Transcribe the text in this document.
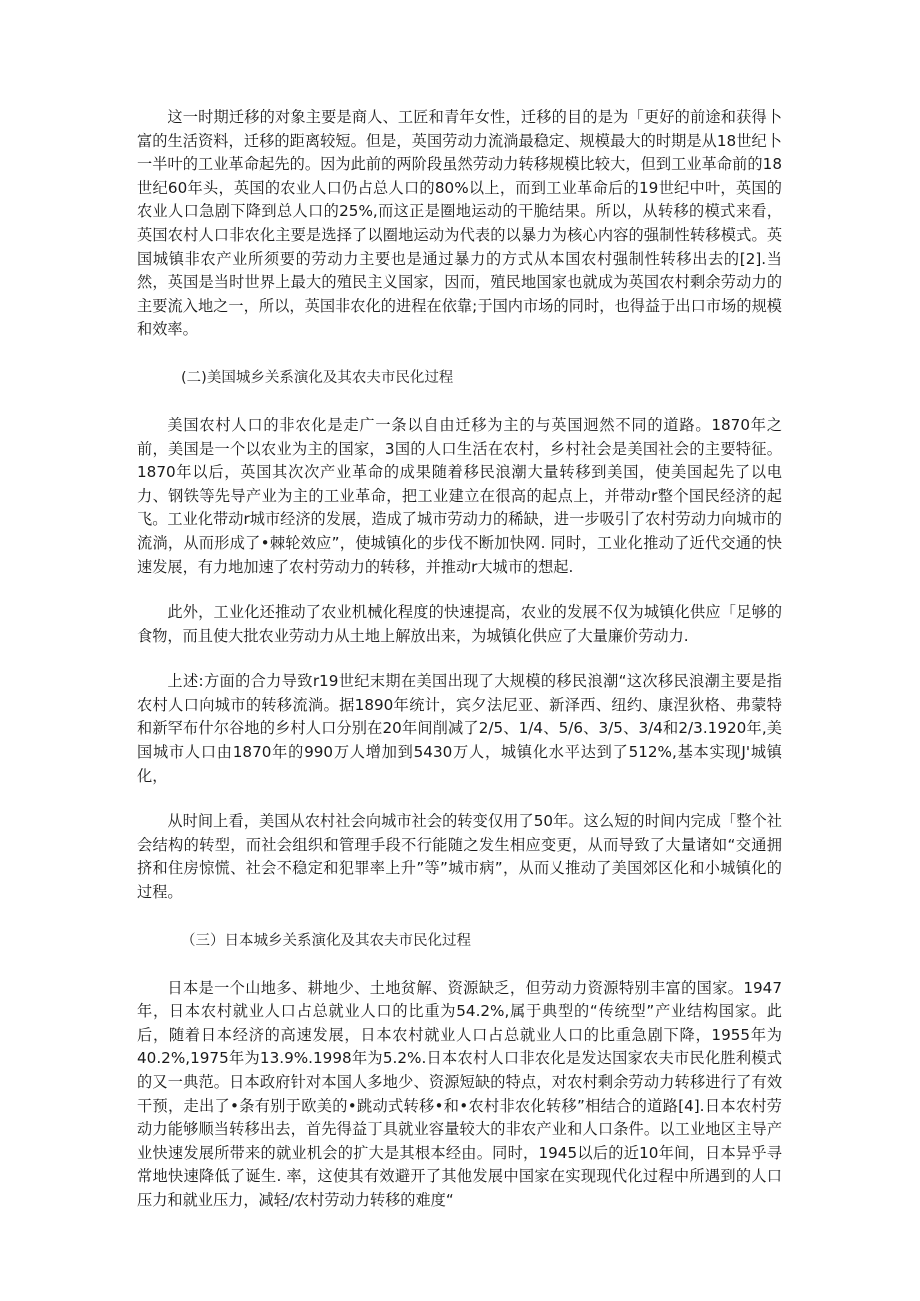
这一时期迁移的对象主要是商人、工匠和青年女性，迁移的目的是为「更好的前途和获得卜富的生活资料，迁移的距离较短。但是，英国劳动力流淌最稳定、规模最大的时期是从18世纪卜一半叶的工业革命起先的。因为此前的两阶段虽然劳动力转移规模比较大，但到工业革命前的18世纪60年头，英国的农业人口仍占总人口的80%以上，而到工业革命后的19世纪中叶，英国的农业人口急剧下降到总人口的25%,而这正是圈地运动的干脆结果。所以，从转移的模式来看，英国农村人口非农化主要是选择了以圈地运动为代表的以暴力为核心内容的强制性转移模式。英国城镇非农产业所须要的劳动力主要也是通过暴力的方式从本国农村强制性转移出去的[2].当然，英国是当时世界上最大的殖民主义国家，因而，殖民地国家也就成为英国农村剩余劳动力的主要流入地之一，所以，英国非农化的进程在依靠;于国内市场的同时，也得益于出口市场的规模和效率。

(二)美国城乡关系演化及其农夫市民化过程

美国农村人口的非农化是走广一条以自由迁移为主的与英国迥然不同的道路。1870年之前，美国是一个以农业为主的国家，3国的人口生活在农村，乡村社会是美国社会的主要特征。1870年以后，英国其次次产业革命的成果随着移民浪潮大量转移到美国，使美国起先了以电力、钢铁等先导产业为主的工业革命，把工业建立在很高的起点上，并带动r整个国民经济的起飞。工业化带动r城市经济的发展，造成了城市劳动力的稀缺，进一步吸引了农村劳动力向城市的流淌，从而形成了•棘轮效应”，使城镇化的步伐不断加快网. 同时，工业化推动了近代交通的快速发展，有力地加速了农村劳动力的转移，并推动r大城市的想起.

此外，工业化还推动了农业机械化程度的快速提高，农业的发展不仅为城镇化供应「足够的食物，而且使大批农业劳动力从土地上解放出来，为城镇化供应了大量廉价劳动力.

上述:方面的合力导致r19世纪末期在美国出现了大规模的移民浪潮“这次移民浪潮主要是指农村人口向城市的转移流淌。据1890年统计，宾夕法尼亚、新泽西、纽约、康涅狄格、弗蒙特和新罕布什尔谷地的乡村人口分别在20年间削减了2/5、1/4、5/6、3/5、3/4和2/3.1920年,美国城市人口由1870年的990万人增加到5430万人，城镇化水平达到了512%,基本实现J'城镇化，

从时间上看，美国从农村社会向城市社会的转变仅用了50年。这么短的时间内完成「整个社会结构的转型，而社会组织和管理手段不行能随之发生相应变更，从而导致了大量诸如“交通拥挤和住房惊慌、社会不稳定和犯罪率上升”等”城市病”，从而乂推动了美国郊区化和小城镇化的过程。

（三）日本城乡关系演化及其农夫市民化过程

日本是一个山地多、耕地少、土地贫解、资源缺乏，但劳动力资源特别丰富的国家。1947年，日本农村就业人口占总就业人口的比重为54.2%,属于典型的“传统型”产业结构国家。此后，随着日本经济的高速发展，日本农村就业人口占总就业人口的比重急剧下降，1955年为40.2%,1975年为13.9%.1998年为5.2%.日本农村人口非农化是发达国家农夫市民化胜利模式的又一典范。日本政府针对本国人多地少、资源短缺的特点，对农村剩余劳动力转移进行了有效干预，走出了•条有别于欧美的•跳动式转移•和•农村非农化转移”相结合的道路[4].日本农村劳动力能够顺当转移出去，首先得益丁具就业容量较大的非农产业和人口条件。以工业地区主导产业快速发展所带来的就业机会的扩大是其根本经由。同时，1945以后的近10年间，日本异乎寻常地快速降低了诞生. 率，这使其有效避开了其他发展中国家在实现现代化过程中所遇到的人口压力和就业压力，减轻/农村劳动力转移的难度“
